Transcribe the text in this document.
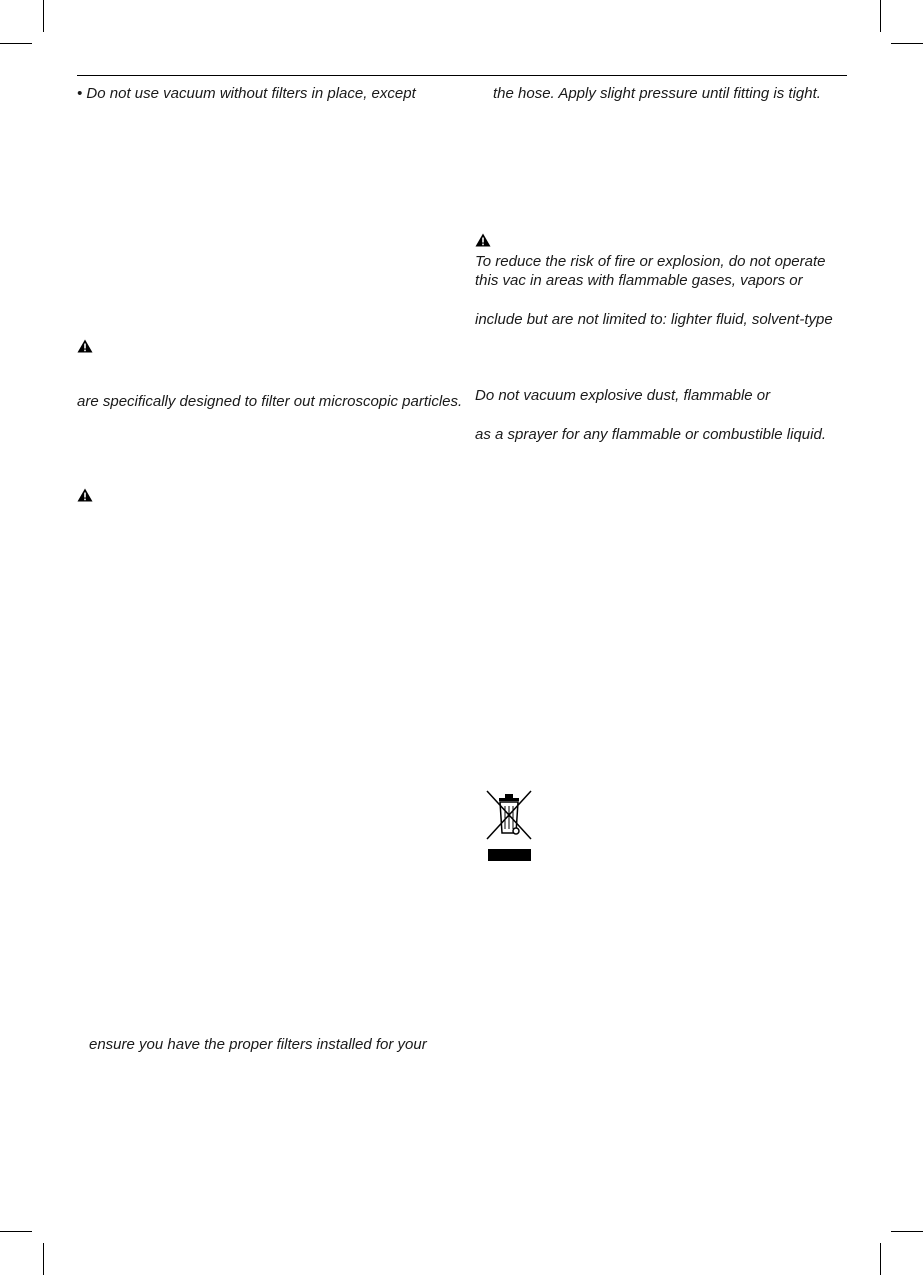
• Do not use vacuum without filters in place, except
are specifically designed to filter out microscopic particles.
ensure you have the proper filters installed for your
the hose. Apply slight pressure until fitting is tight.
To reduce the risk of fire or explosion, do not operate
this vac in areas with flammable gases, vapors or
include but are not limited to: lighter fluid, solvent-type
Do not vacuum explosive dust, flammable or
as a sprayer for any flammable or combustible liquid.
